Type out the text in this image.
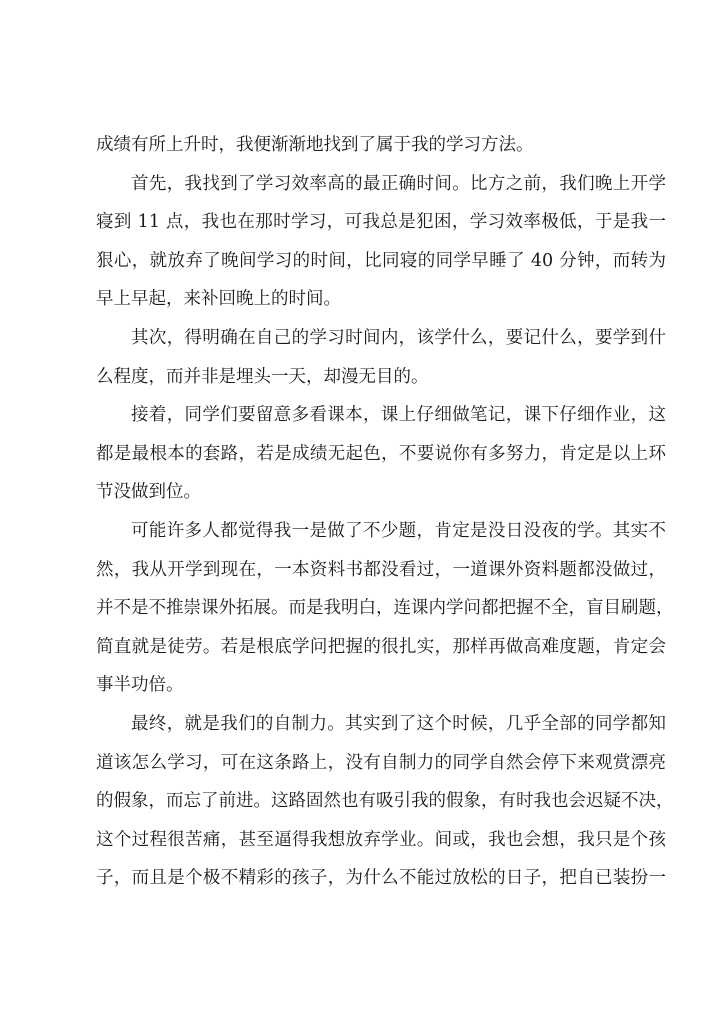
成绩有所上升时，我便渐渐地找到了属于我的学习方法。
首先，我找到了学习效率高的最正确时间。比方之前，我们晚上开学
寝到 11 点，我也在那时学习，可我总是犯困，学习效率极低，于是我一
狠心，就放弃了晚间学习的时间，比同寝的同学早睡了 40 分钟，而转为
早上早起，来补回晚上的时间。
其次，得明确在自己的学习时间内，该学什么，要记什么，要学到什
么程度，而并非是埋头一天，却漫无目的。
接着，同学们要留意多看课本，课上仔细做笔记，课下仔细作业，这
都是最根本的套路，若是成绩无起色，不要说你有多努力，肯定是以上环
节没做到位。
可能许多人都觉得我一是做了不少题，肯定是没日没夜的学。其实不
然，我从开学到现在，一本资料书都没看过，一道课外资料题都没做过，
并不是不推崇课外拓展。而是我明白，连课内学问都把握不全，盲目刷题，
简直就是徒劳。若是根底学问把握的很扎实，那样再做高难度题，肯定会
事半功倍。
最终，就是我们的自制力。其实到了这个时候，几乎全部的同学都知
道该怎么学习，可在这条路上，没有自制力的同学自然会停下来观赏漂亮
的假象，而忘了前进。这路固然也有吸引我的假象，有时我也会迟疑不决，
这个过程很苦痛，甚至逼得我想放弃学业。间或，我也会想，我只是个孩
子，而且是个极不精彩的孩子，为什么不能过放松的日子，把自已装扮一
